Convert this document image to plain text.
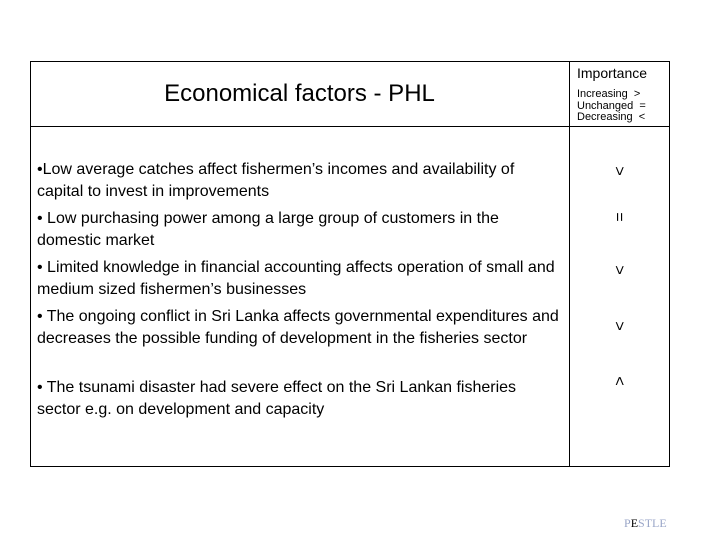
Economical factors - PHL
Importance
Increasing >
Unchanged =
Decreasing <
•Low average catches affect fishermen’s incomes and availability of capital to invest in improvements
• Low purchasing power among a large group of customers in the domestic market
• Limited knowledge in financial accounting affects operation of small and medium sized fishermen’s businesses
• The ongoing conflict in Sri Lanka affects governmental expenditures and decreases the possible funding of development in the fisheries sector
• The tsunami disaster had severe effect on the Sri Lankan fisheries sector e.g. on development and capacity
>
=
>
>
<
PESTLE
